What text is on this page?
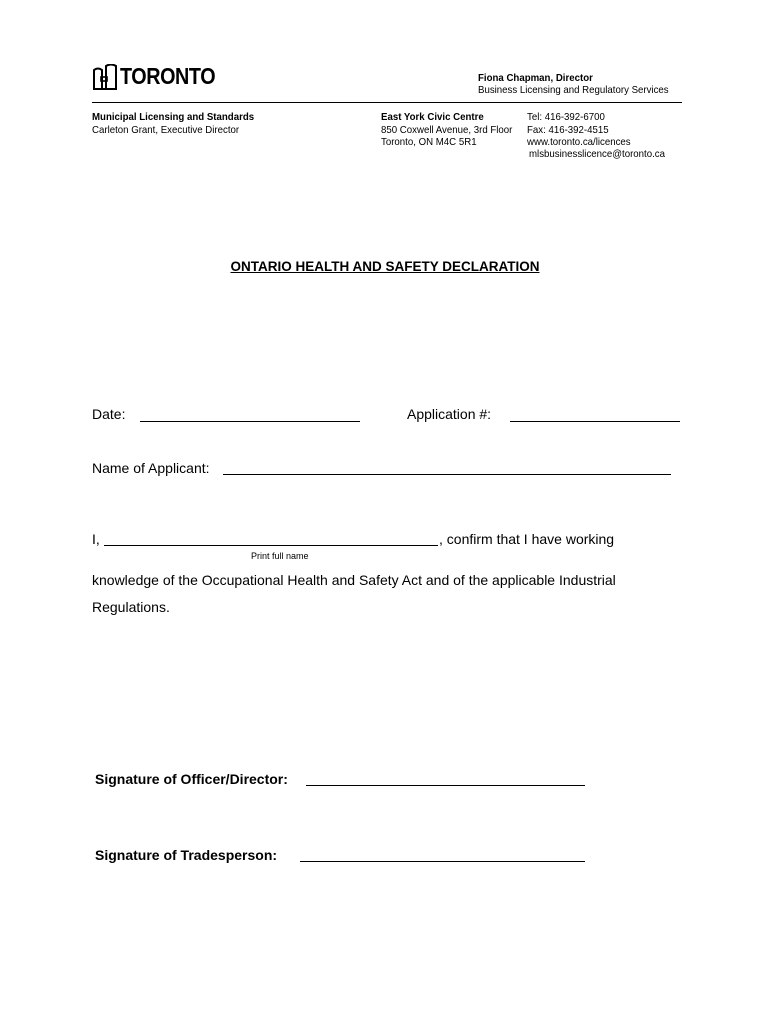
TORONTO	Fiona Chapman, Director
Business Licensing and Regulatory Services
Municipal Licensing and Standards
Carleton Grant, Executive Director
East York Civic Centre
850 Coxwell Avenue, 3rd Floor
Toronto, ON M4C 5R1
Tel: 416-392-6700
Fax: 416-392-4515
www.toronto.ca/licences
mlsbusinesslicence@toronto.ca
ONTARIO HEALTH AND SAFETY DECLARATION
Date:	Application #:
Name of Applicant:
I,	, confirm that I have working
Print full name
knowledge of the Occupational Health and Safety Act and of the applicable Industrial
Regulations.
Signature of Officer/Director:
Signature of Tradesperson:
